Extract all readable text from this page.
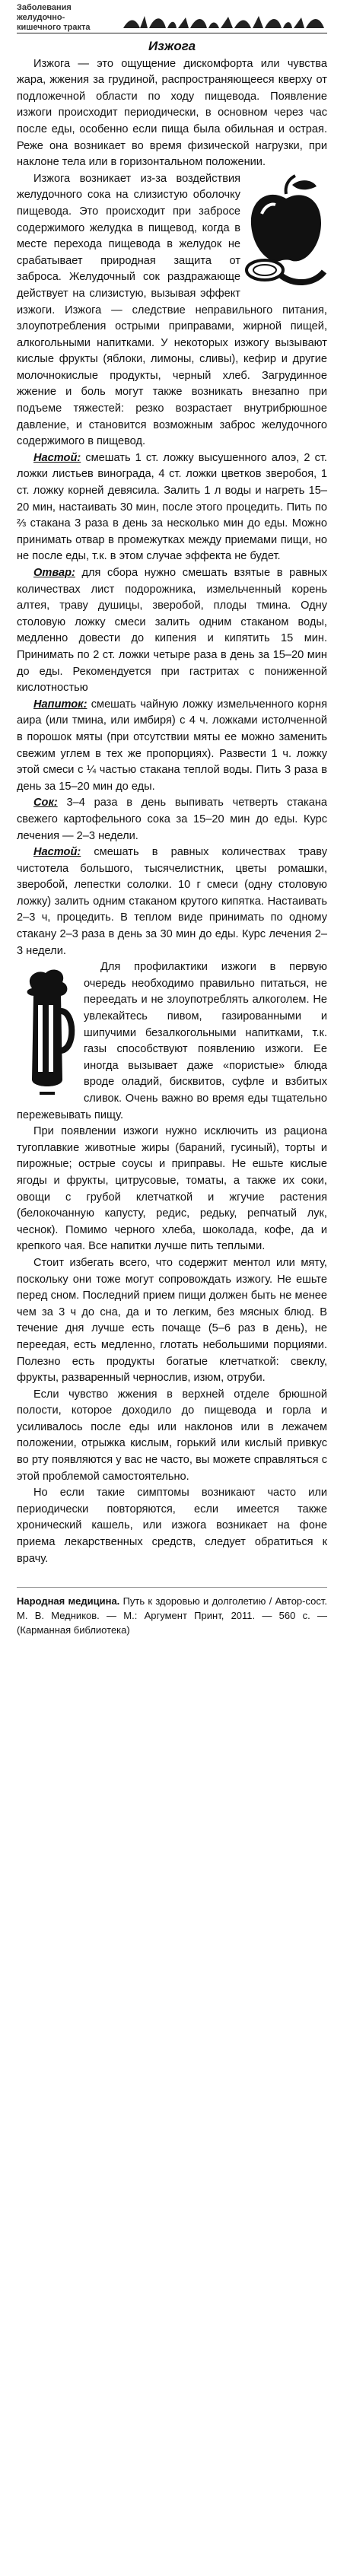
Заболевания желудочно-кишечного тракта
Изжога

Изжога — это ощущение дискомфорта или чувства жара, жжения за грудиной, распространяющееся кверху от подложечной области по ходу пищевода. Появление изжоги происходит периодически, в основном через час после еды, особенно если пища была обильная и острая. Реже она возникает во время физической нагрузки, при наклоне тела или в горизонтальном положении.

Изжога возникает из-за воздействия желудочного сока на слизистую оболочку пищевода. Это происходит при забросе содержимого желудка в пищевод, когда в месте перехода пищевода в желудок не срабатывает природная защита от заброса. Желудочный сок раздражающе действует на слизистую, вызывая эффект изжоги. Изжога — следствие неправильного питания, злоупотребления острыми приправами, жирной пищей, алкогольными напитками. У некоторых изжогу вызывают кислые фрукты (яблоки, лимоны, сливы), кефир и другие молочнокислые продукты, черный хлеб. Загрудинное жжение и боль могут также возникать внезапно при подъеме тяжестей: резко возрастает внутрибрюшное давление, и становится возможным заброс желудочного содержимого в пищевод.

Настой: смешать 1 ст. ложку высушенного алоэ, 2 ст. ложки листьев винограда, 4 ст. ложки цветков зверобоя, 1 ст. ложку корней девясила. Залить 1 л воды и нагреть 15–20 мин, настаивать 30 мин, после этого процедить. Пить по ⅔ стакана 3 раза в день за несколько мин до еды. Можно принимать отвар в промежутках между приемами пищи, но не после еды, т.к. в этом случае эффекта не будет.

Отвар: для сбора нужно смешать взятые в равных количествах лист подорожника, измельченный корень алтея, траву душицы, зверобой, плоды тмина. Одну столовую ложку смеси залить одним стаканом воды, медленно довести до кипения и кипятить 15 мин. Принимать по 2 ст. ложки четыре раза в день за 15–20 мин до еды. Рекомендуется при гастритах с пониженной кислотностью

Напиток: смешать чайную ложку измельченного корня аира (или тмина, или имбиря) с 4 ч. ложками истолченной в порошок мяты (при отсутствии мяты ее можно заменить свежим углем в тех же пропорциях). Развести 1 ч. ложку этой смеси с ¼ частью стакана теплой воды. Пить 3 раза в день за 15–20 мин до еды.

Сок: 3–4 раза в день выпивать четверть стакана свежего картофельного сока за 15–20 мин до еды. Курс лечения — 2–3 недели.

Настой: смешать в равных количествах траву чистотела большого, тысячелистник, цветы ромашки, зверобой, лепестки сололки. 10 г смеси (одну столовую ложку) залить одним стаканом крутого кипятка. Настаивать 2–3 ч, процедить. В теплом виде принимать по одному стакану 2–3 раза в день за 30 мин до еды. Курс лечения 2–3 недели.

Для профилактики изжоги в первую очередь необходимо правильно питаться, не переедать и не злоупотреблять алкоголем. Не увлекайтесь пивом, газированными и шипучими безалкогольными напитками, т.к. газы способствуют появлению изжоги. Ее иногда вызывает даже «пористые» блюда вроде оладий, бисквитов, суфле и взбитых сливок. Очень важно во время еды тщательно пережевывать пищу.

При появлении изжоги нужно исключить из рациона тугоплавкие животные жиры (бараний, гусиный), торты и пирожные; острые соусы и приправы. Не ешьте кислые ягоды и фрукты, цитрусовые, томаты, а также их соки, овощи с грубой клетчаткой и жгучие растения (белокочанную капусту, редис, редьку, репчатый лук, чеснок). Помимо черного хлеба, шоколада, кофе, да и крепкого чая. Все напитки лучше пить теплыми.

Стоит избегать всего, что содержит ментол или мяту, поскольку они тоже могут сопровождать изжогу. Не ешьте перед сном. Последний прием пищи должен быть не менее чем за 3 ч до сна, да и то легким, без мясных блюд. В течение дня лучше есть почаще (5–6 раз в день), не переедая, есть медленно, глотать небольшими порциями. Полезно есть продукты богатые клетчаткой: свеклу, фрукты, разваренный чернослив, изюм, отруби.

Если чувство жжения в верхней отделе брюшной полости, которое доходило до пищевода и горла и усиливалось после еды или наклонов или в лежачем положении, отрыжка кислым, горький или кислый привкус во рту появляются у вас не часто, вы можете справляться с этой проблемой самостоятельно.

Но если такие симптомы возникают часто или периодически повторяются, если имеется также хронический кашель, или изжога возникает на фоне приема лекарственных средств, следует обратиться к врачу.

Народная медицина. Путь к здоровью и долголетию / Автор-сост. М. В. Медников. — М.: Аргумент Принт, 2011. — 560 с. — (Карманная библиотека)
